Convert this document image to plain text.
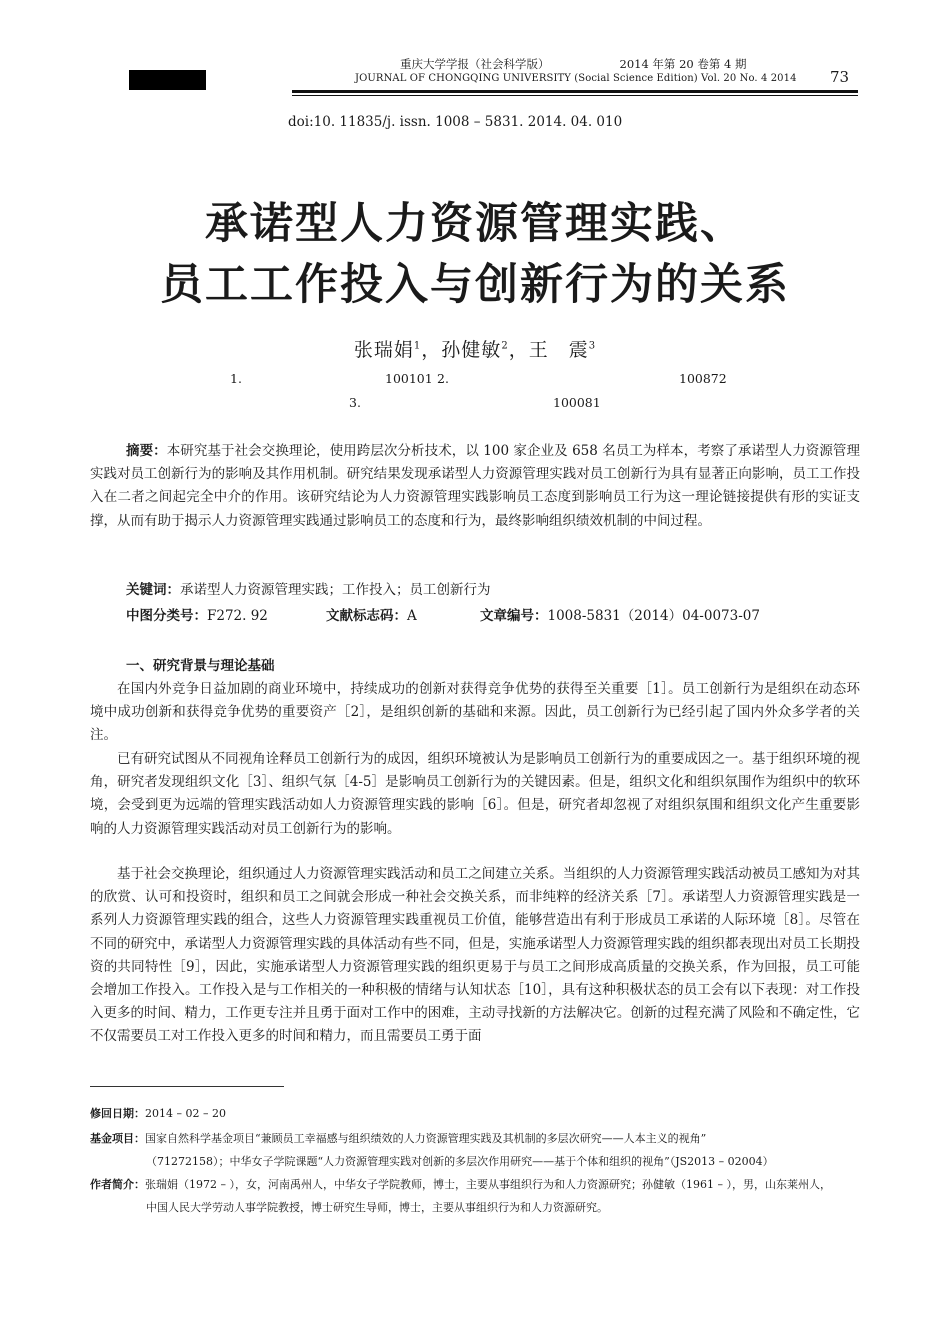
重庆大学学报（社会科学版）	2014 年第 20 卷第 4 期
JOURNAL OF CHONGQING UNIVERSITY (Social Science Edition) Vol. 20 No. 4 2014 73
doi:10. 11835/j. issn. 1008 – 5831. 2014. 04. 010
承诺型人力资源管理实践、
员工工作投入与创新行为的关系
张瑞娟$^1$，孙健敏$^2$，王　震$^3$
1.	100101 2.	100872
3.	100081
摘要：本研究基于社会交换理论，使用跨层次分析技术，以 100 家企业及 658 名员工为样本，考察了承诺型人力资源管理实践对员工创新行为的影响及其作用机制。研究结果发现承诺型人力资源管理实践对员工创新行为具有显著正向影响，员工工作投入在二者之间起完全中介的作用。该研究结论为人力资源管理实践影响员工态度到影响员工行为这一理论链接提供有形的实证支撑，从而有助于揭示人力资源管理实践通过影响员工的态度和行为，最终影响组织绩效机制的中间过程。
关键词：承诺型人力资源管理实践；工作投入；员工创新行为
中图分类号：F272. 92	文献标志码：A	文章编号：1008-5831（2014）04-0073-07
一、研究背景与理论基础

在国内外竞争日益加剧的商业环境中，持续成功的创新对获得竞争优势的获得至关重要［1］。员工创新行为是组织在动态环境中成功创新和获得竞争优势的重要资产［2］，是组织创新的基础和来源。因此，员工创新行为已经引起了国内外众多学者的关注。

已有研究试图从不同视角诠释员工创新行为的成因，组织环境被认为是影响员工创新行为的重要成因之一。基于组织环境的视角，研究者发现组织文化［3］、组织气氛［4-5］是影响员工创新行为的关键因素。但是，组织文化和组织氛围作为组织中的软环境，会受到更为远端的管理实践活动如人力资源管理实践的影响［6］。但是，研究者却忽视了对组织氛围和组织文化产生重要影响的人力资源管理实践活动对员工创新行为的影响。

基于社会交换理论，组织通过人力资源管理实践活动和员工之间建立关系。当组织的人力资源管理实践活动被员工感知为对其的欣赏、认可和投资时，组织和员工之间就会形成一种社会交换关系，而非纯粹的经济关系［7］。承诺型人力资源管理实践是一系列人力资源管理实践的组合，这些人力资源管理实践重视员工价值，能够营造出有利于形成员工承诺的人际环境［8］。尽管在不同的研究中，承诺型人力资源管理实践的具体活动有些不同，但是，实施承诺型人力资源管理实践的组织都表现出对员工长期投资的共同特性［9］，因此，实施承诺型人力资源管理实践的组织更易于与员工之间形成高质量的交换关系，作为回报，员工可能会增加工作投入。工作投入是与工作相关的一种积极的情绪与认知状态［10］，具有这种积极状态的员工会有以下表现：对工作投入更多的时间、精力，工作更专注并且勇于面对工作中的困难，主动寻找新的方法解决它。创新的过程充满了风险和不确定性，它不仅需要员工对工作投入更多的时间和精力，而且需要员工勇于面

修回日期：2014 – 02 – 20
基金项目：国家自然科学基金项目“兼顾员工幸福感与组织绩效的人力资源管理实践及其机制的多层次研究——人本主义的视角”
（71272158）；中华女子学院课题“人力资源管理实践对创新的多层次作用研究——基于个体和组织的视角”（JS2013 – 02004）
作者简介：张瑞娟（1972 – ），女，河南禹州人，中华女子学院教师，博士，主要从事组织行为和人力资源研究；孙健敏（1961 – ），男，山东莱州人，
中国人民大学劳动人事学院教授，博士研究生导师，博士，主要从事组织行为和人力资源研究。
